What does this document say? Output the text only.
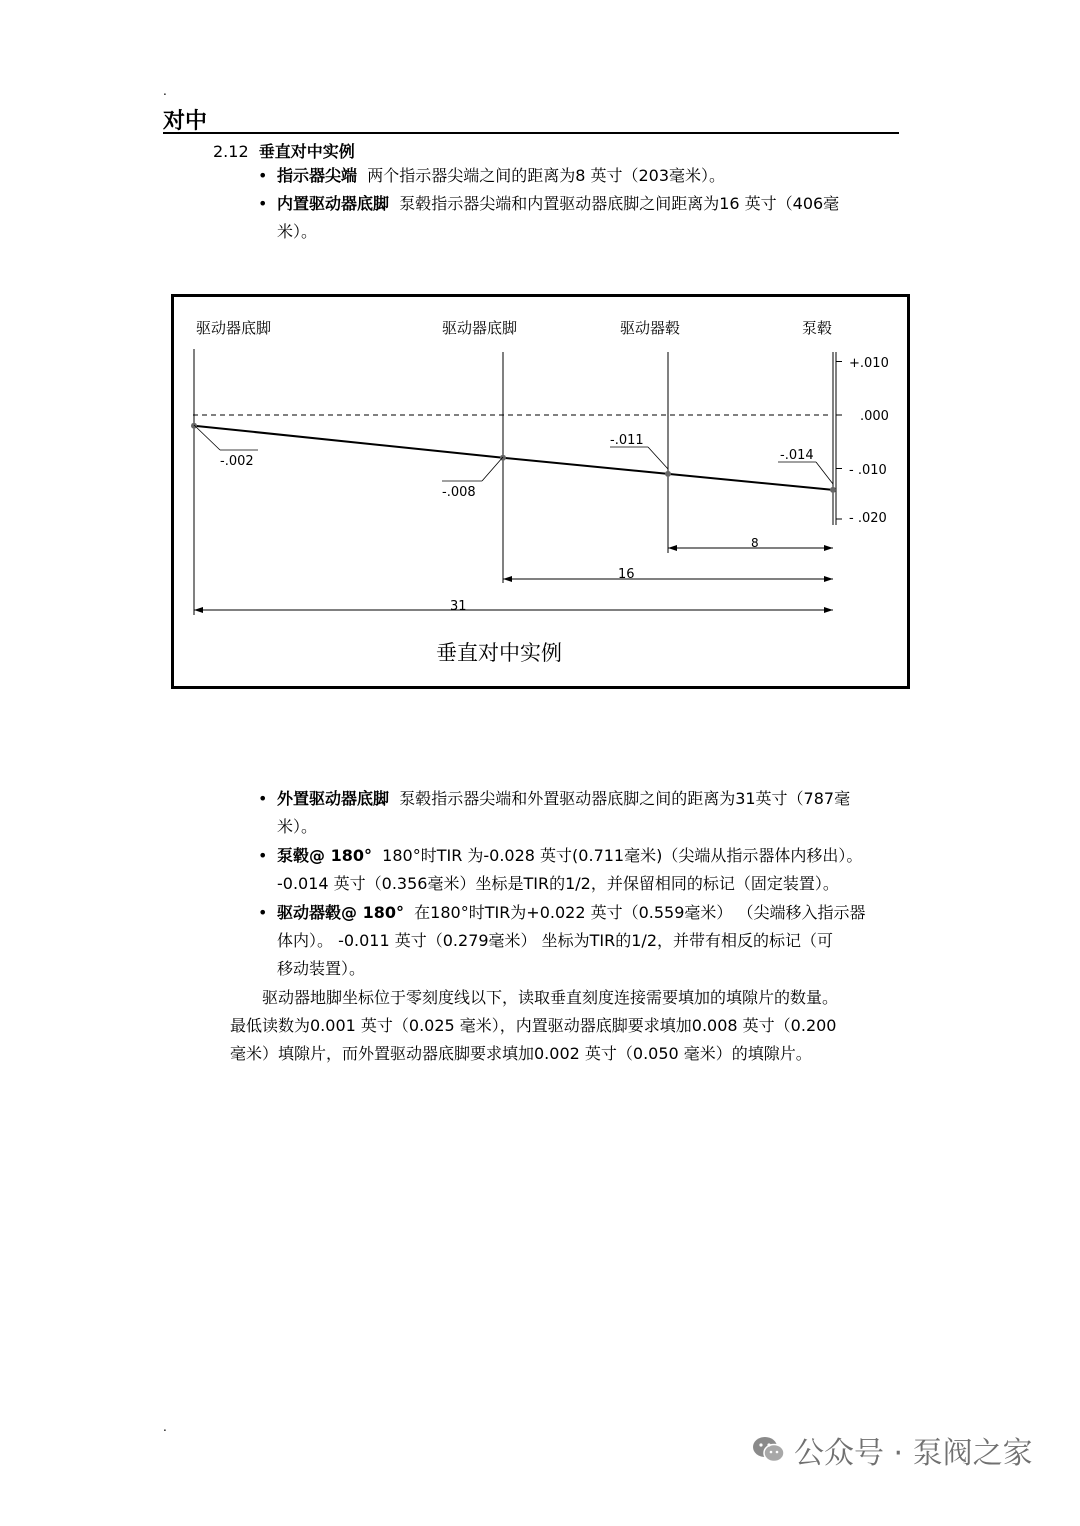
.
.
对中
2.12 垂直对中实例
• 指示器尖端 两个指示器尖端之间的距离为8 英寸（203毫米）。
• 内置驱动器底脚 泵毂指示器尖端和内置驱动器底脚之间距离为16 英寸（406毫
米）。
驱动器底脚	驱动器底脚	驱动器毂	泵毂
+.010
.000
- .010
- .020
-.002
-.008
-.011
-.014
8
16
31
垂直对中实例
• 外置驱动器底脚 泵毂指示器尖端和外置驱动器底脚之间的距离为31英寸（787毫
米）。
• 泵毂@ 180° 180°时TIR 为-0.028 英寸(0.711毫米)（尖端从指示器体内移出）。
-0.014 英寸（0.356毫米）坐标是TIR的1/2，并保留相同的标记（固定装置）。
• 驱动器毂@ 180° 在180°时TIR为+0.022 英寸（0.559毫米） （尖端移入指示器
体内）。 -0.011 英寸（0.279毫米） 坐标为TIR的1/2，并带有相反的标记（可
移动装置）。
驱动器地脚坐标位于零刻度线以下，读取垂直刻度连接需要填加的填隙片的数量。
最低读数为0.001 英寸（0.025 毫米），内置驱动器底脚要求填加0.008 英寸（0.200
毫米）填隙片，而外置驱动器底脚要求填加0.002 英寸（0.050 毫米）的填隙片。
公众号 · 泵阀之家
